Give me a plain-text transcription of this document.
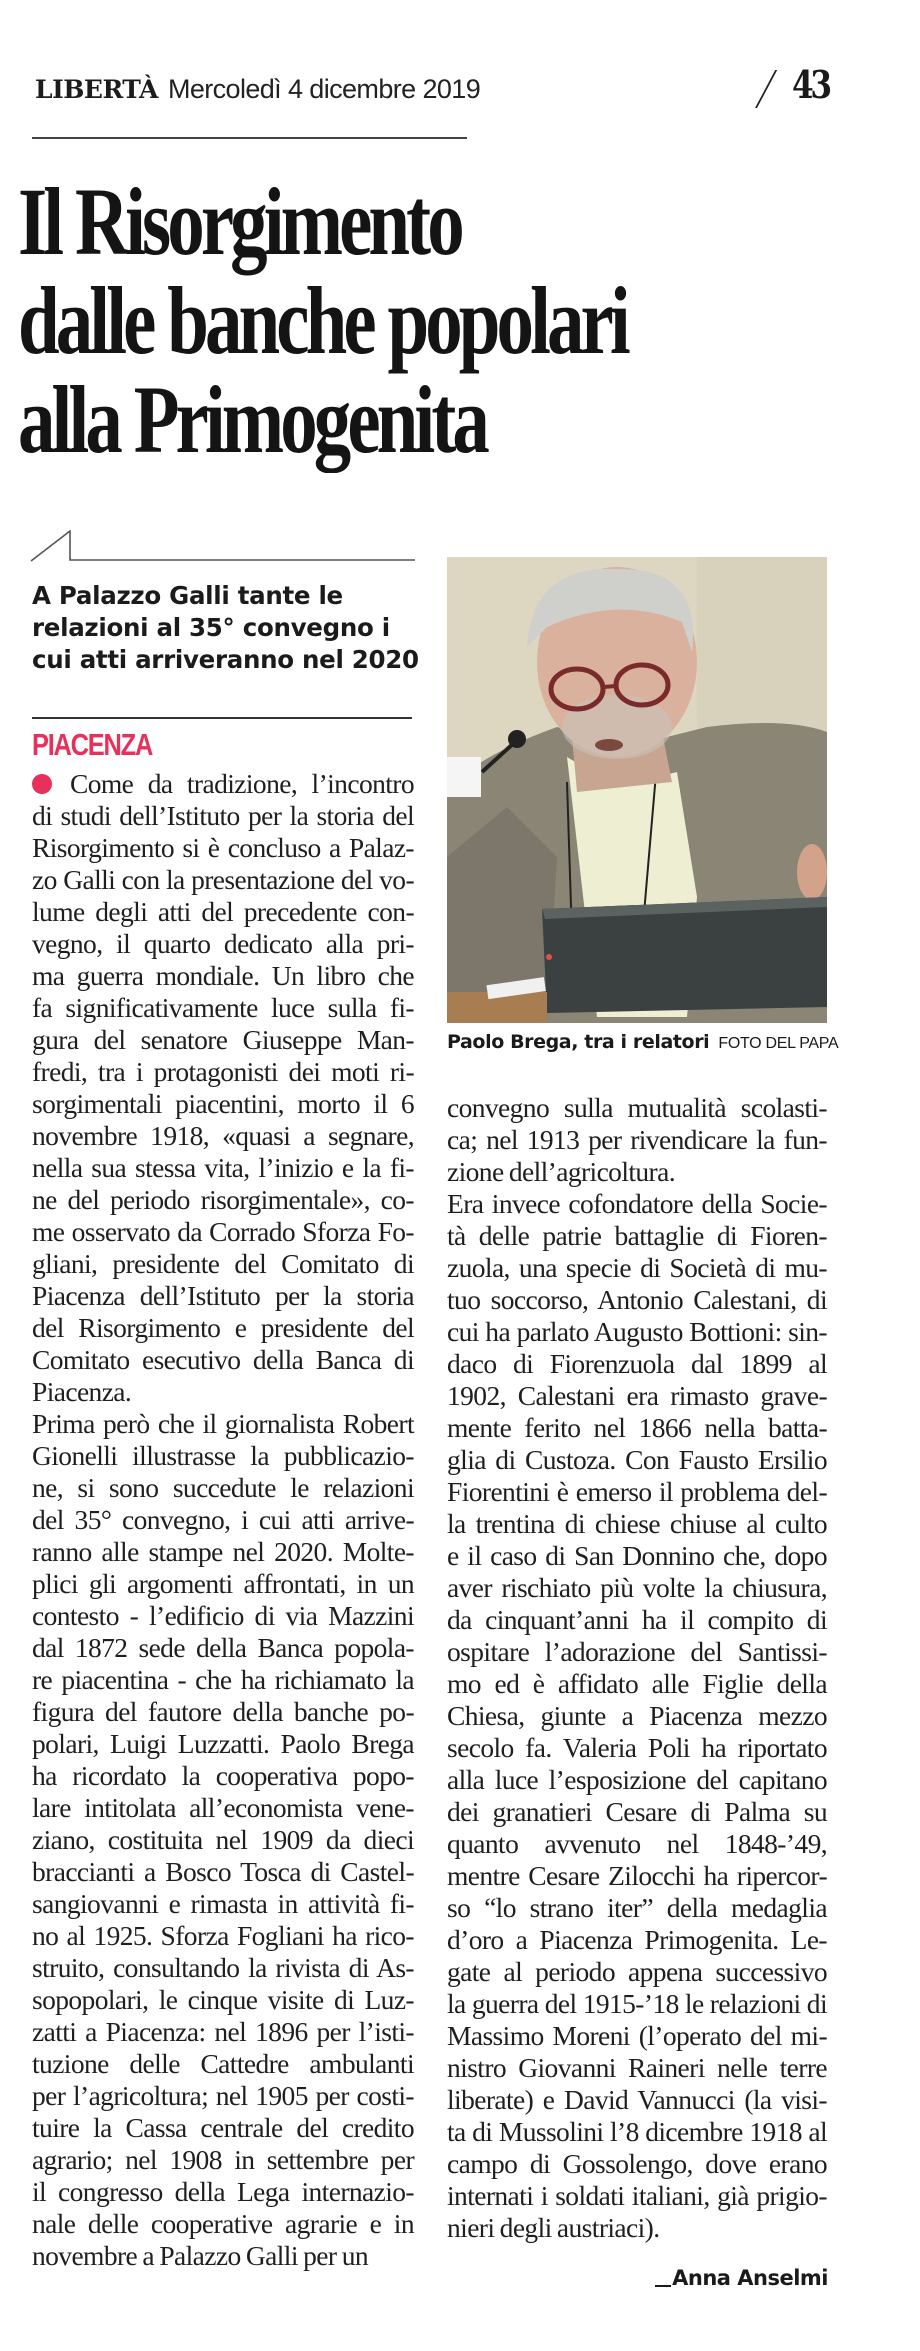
LIBERTÀ Mercoledì 4 dicembre 2019	43
Il Risorgimento
dalle banche popolari
alla Primogenita
A Palazzo Galli tante le
relazioni al 35° convegno i
cui atti arriveranno nel 2020
PIACENZA
Come da tradizione, l’incontro
di studi dell’Istituto per la storia del
Risorgimento si è concluso a Palaz-
zo Galli con la presentazione del vo-
lume degli atti del precedente con-
vegno, il quarto dedicato alla pri-
ma guerra mondiale. Un libro che
fa significativamente luce sulla fi-
gura del senatore Giuseppe Man-
fredi, tra i protagonisti dei moti ri-
sorgimentali piacentini, morto il 6
novembre 1918, «quasi a segnare,
nella sua stessa vita, l’inizio e la fi-
ne del periodo risorgimentale», co-
me osservato da Corrado Sforza Fo-
gliani, presidente del Comitato di
Piacenza dell’Istituto per la storia
del Risorgimento e presidente del
Comitato esecutivo della Banca di
Piacenza.
Prima però che il giornalista Robert
Gionelli illustrasse la pubblicazio-
ne, si sono succedute le relazioni
del 35° convegno, i cui atti arrive-
ranno alle stampe nel 2020. Molte-
plici gli argomenti affrontati, in un
contesto - l’edificio di via Mazzini
dal 1872 sede della Banca popola-
re piacentina - che ha richiamato la
figura del fautore della banche po-
polari, Luigi Luzzatti. Paolo Brega
ha ricordato la cooperativa popo-
lare intitolata all’economista vene-
ziano, costituita nel 1909 da dieci
braccianti a Bosco Tosca di Castel-
sangiovanni e rimasta in attività fi-
no al 1925. Sforza Fogliani ha rico-
struito, consultando la rivista di As-
sopopolari, le cinque visite di Luz-
zatti a Piacenza: nel 1896 per l’isti-
tuzione delle Cattedre ambulanti
per l’agricoltura; nel 1905 per costi-
tuire la Cassa centrale del credito
agrario; nel 1908 in settembre per
il congresso della Lega internazio-
nale delle cooperative agrarie e in
novembre a Palazzo Galli per un
Paolo Brega, tra i relatori FOTO DEL PAPA
convegno sulla mutualità scolasti-
ca; nel 1913 per rivendicare la fun-
zione dell’agricoltura.
Era invece cofondatore della Socie-
tà delle patrie battaglie di Fioren-
zuola, una specie di Società di mu-
tuo soccorso, Antonio Calestani, di
cui ha parlato Augusto Bottioni: sin-
daco di Fiorenzuola dal 1899 al
1902, Calestani era rimasto grave-
mente ferito nel 1866 nella batta-
glia di Custoza. Con Fausto Ersilio
Fiorentini è emerso il problema del-
la trentina di chiese chiuse al culto
e il caso di San Donnino che, dopo
aver rischiato più volte la chiusura,
da cinquant’anni ha il compito di
ospitare l’adorazione del Santissi-
mo ed è affidato alle Figlie della
Chiesa, giunte a Piacenza mezzo
secolo fa. Valeria Poli ha riportato
alla luce l’esposizione del capitano
dei granatieri Cesare di Palma su
quanto avvenuto nel 1848-’49,
mentre Cesare Zilocchi ha ripercor-
so “lo strano iter” della medaglia
d’oro a Piacenza Primogenita. Le-
gate al periodo appena successivo
la guerra del 1915-’18 le relazioni di
Massimo Moreni (l’operato del mi-
nistro Giovanni Raineri nelle terre
liberate) e David Vannucci (la visi-
ta di Mussolini l’8 dicembre 1918 al
campo di Gossolengo, dove erano
internati i soldati italiani, già prigio-
nieri degli austriaci).
Anna Anselmi
